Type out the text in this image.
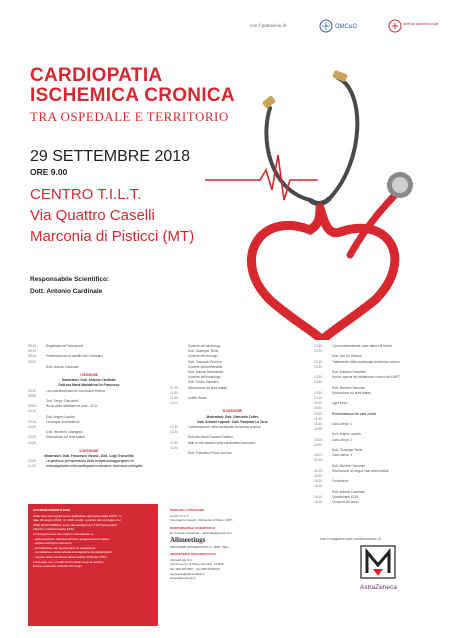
con il patrocinio di	OMCeO	azienda sanitaria locale
CARDIOPATIA
ISCHEMICA CRONICA
TRA OSPEDALE E TERRITORIO
29 SETTEMBRE 2018
ORE 9.00
CENTRO T.I.L.T.
Via Quattro Caselli
Marconia di Pisticci (MT)
Responsabile Scientifico:
Dott. Antonio Cardinale
08.30 - 09.15
Registrazione Partecipanti
09.15 - 09.30
Presentazione ed obiettivi del Convegno
Dott. Antonio Cardinale
I SESSIONE
Moderatori: Dott. Antonio Cardinale
Dott.ssa Maria Maddalena De Francesco
09.30 - 09.50
La rivascolarizzazione miocardica elettiva
Dott. Sergio Ciaccarelli
09.50 - 10.10
Ruolo della riabilitazione post - SCA
Dott. Angelo Lapolla
10.10 - 10.30
La terapia di dimissione
Dott. Vincenzo Castagnoli
10.30 - 10.50
Discussione sui temi trattati
II SESSIONE
Moderatori: Dott. Francesco Vivona - Dott. Luigi Truncellito
10.50 - 11.30
La gestione perioperatoria della terapia antiaggregante ed anticoagulante nella cardiopatia ischemica: decisione collegiale
Il parere del cardiologo
Dott. Giuseppe Tenisi
Il parere del chirurgo
Dott. Giancarlo Pecchia
Il parere dell'anestesista
Dott. Antonio Mazzariello
Il parere dell'ematologo
Dott. Tonino Valentino
11.30 - 11.50
Discussione sui temi trattati
11.50 - 12.10
Coffee Break
III SESSIONE
Moderatori: Dott. Giancarlo Celieri
Dott. Antonio Lapova - Dott. Pasquale La Torre
12.10 - 12.30
L'alimentazione nella cardiopatia ischemica cronica
Dott.ssa Maria Rosaria Grattieri
12.30 - 12.50
Stile di vita salutare nella cardiopatia ischemica
Dott. Francesco Paolo Somma
12.50 - 13.10
L'ipercolesterolemia come fattore di rischio
Dott. Vito De Simone
13.10 - 13.30
Trattamento della cardiopatia ischemica cronica
Dott. Edoardo Ranchelli
13.30 - 13.50
Nuove opzioni nel trattamento cronico dei DAPT
Dott. Michele Ciervanie
13.50 - 14.10
Discussione sui temi trattati
14.10 - 15.00
Light lunch
15.00 - 15.30
Presentazione dei casi clinici
15.30 - 15.45
Caso clinico 1
Dott. Angelo Lapolla
15.45 - 16.00
Caso clinico 2
Dott. Giuseppe Tenisi
16.00 - 16.15
Caso clinico 3
Dott. Michele Ciervanie
16.15 - 16.30
Discussione su singoli casi clinici trattati
16.30 - 16.45
Conclusioni
Dott. Antonio Cardinale
16.45	Questionario ECM
16.45	Chiusura dei lavori
ACCREDITAMENTO ECM
Sulla base del regolamento applicativo approvato dalla CNFC, in
data 08 giugno 2018, rif. 4000 crediti, a partire dal conteggio del
2018 (ECM 228851), sono stati attribuiti per il 18 Partecipanti
effettivi i crediti formativi ECM.
Il conseguimento dei crediti è subordinato a:
- partecipazione effettiva all'intero programma formativo
- verifica dell'apprendimento
- compilazione del questionario di valutazione
- compilazione della scheda di anagrafica dei partecipanti
- rispetto delle condizioni della verifica richiesta (75%)
L'attestato con i crediti verrà inviato dopo la verifica.
Evento destinato a Medici Chirurghi
SEDE DEL CONVEGNO
Centro T.I.L.T.
Via Quattro Caselli - Marconia di Pisticci (MT)
RESPONSABILE SCIENTIFICO
Dr. Antonio Cardinale - cardinale@gmail.com
Allmeetings
PROVIDER ACCREDITATO N. 4000 - Bari
SEGRETERIA ORGANIZZATIVA
Allmeetings S.r.l.
Via Vincenzo di Piano Pensieri, 12 Bari
Tel. 080 5234567 - fax 080 5234568
segreteria@allmeetings.it
www.allmeetings.it
con il supporto non condizionante di
AstraZeneca
